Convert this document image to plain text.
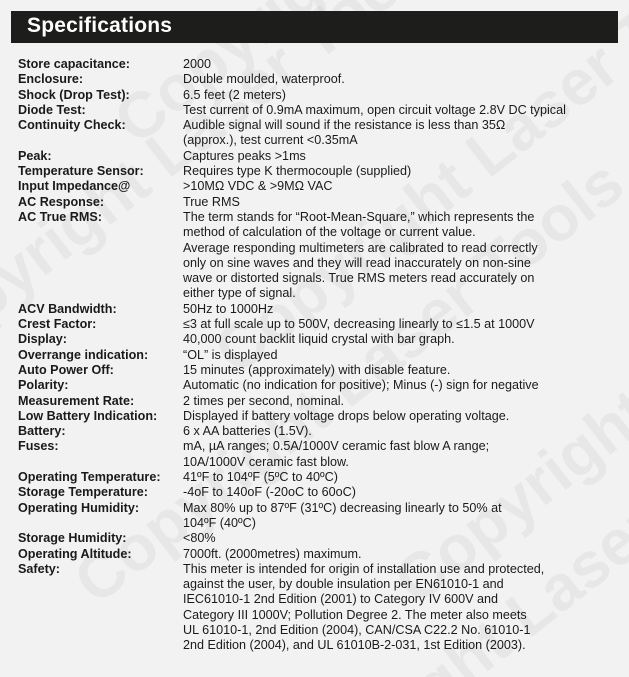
Specifications
Store capacitance:	2000

Enclosure:	Double moulded, waterproof.

Shock (Drop Test):	6.5 feet (2 meters)

Diode Test:	Test current of 0.9mA maximum, open circuit voltage 2.8V DC typical

Continuity Check:	Audible signal will sound if the resistance is less than 35Ω

(approx.), test current <0.35mA

Peak:	Captures peaks >1ms

Temperature Sensor:	Requires type K thermocouple (supplied)

Input Impedance@	>10MΩ VDC & >9MΩ VAC

AC Response:	True RMS

AC True RMS:	The term stands for “Root-Mean-Square,” which represents the

method of calculation of the voltage or current value.

Average responding multimeters are calibrated to read correctly

only on sine waves and they will read inaccurately on non-sine

wave or distorted signals. True RMS meters read accurately on

either type of signal.

ACV Bandwidth:	50Hz to 1000Hz

Crest Factor:	≤3 at full scale up to 500V, decreasing linearly to ≤1.5 at 1000V

Display:	40,000 count backlit liquid crystal with bar graph.

Overrange indication:	“OL” is displayed

Auto Power Off:	15 minutes (approximately) with disable feature.

Polarity:	Automatic (no indication for positive); Minus (-) sign for negative

Measurement Rate:	2 times per second, nominal.

Low Battery Indication:	Displayed if battery voltage drops below operating voltage.

Battery:	6 x AA batteries (1.5V).

Fuses:	mA, µA ranges; 0.5A/1000V ceramic fast blow A range;

10A/1000V ceramic fast blow.

Operating Temperature:	41ºF to 104ºF (5ºC to 40ºC)

Storage Temperature:	-4oF to 140oF (-20oC to 60oC)

Operating Humidity:	Max 80% up to 87ºF (31ºC) decreasing linearly to 50% at

104ºF (40ºC)

Storage Humidity:	<80%

Operating Altitude:	7000ft. (2000metres) maximum.

Safety:	This meter is intended for origin of installation use and protected,

against the user, by double insulation per EN61010-1 and

IEC61010-1 2nd Edition (2001) to Category IV 600V and

Category III 1000V; Pollution Degree 2. The meter also meets

UL 61010-1, 2nd Edition (2004), CAN/CSA C22.2 No. 61010-1

2nd Edition (2004), and UL 61010B-2-031, 1st Edition (2003).
